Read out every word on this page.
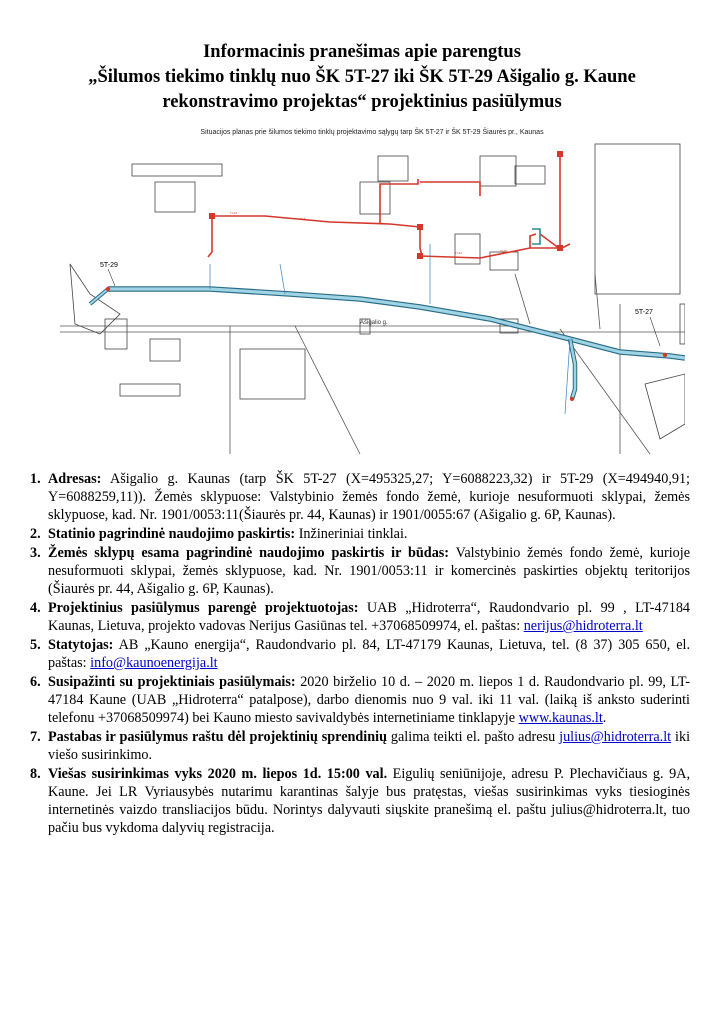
Informacinis pranešimas apie parengtus
„Šilumos tiekimo tinklų nuo ŠK 5T-27 iki ŠK 5T-29 Ašigalio g. Kaune
rekonstravimo projektas“ projektinius pasiūlymus
Situacijos planas prie šilumos tiekimo tinklų projektavimo sąlygų tarp ŠK 5T-27 ir ŠK 5T-29 Šiaurės pr., Kaunas
Ašigalio g.
TI-22
TI-5
TI-24	TI-25
5T-29
5T-27
1. Adresas: Ašigalio g. Kaunas (tarp ŠK 5T-27 (X=495325,27; Y=6088223,32) ir 5T-29 (X=494940,91; Y=6088259,11)). Žemės sklypuose: Valstybinio žemės fondo žemė, kurioje nesuformuoti sklypai, žemės sklypuose, kad. Nr. 1901/0053:11(Šiaurės pr. 44, Kaunas) ir 1901/0055:67 (Ašigalio g. 6P, Kaunas).
2. Statinio pagrindinė naudojimo paskirtis: Inžineriniai tinklai.
3. Žemės sklypų esama pagrindinė naudojimo paskirtis ir būdas: Valstybinio žemės fondo žemė, kurioje nesuformuoti sklypai, žemės sklypuose, kad. Nr. 1901/0053:11 ir komercinės paskirties objektų teritorijos (Šiaurės pr. 44, Ašigalio g. 6P, Kaunas).
4. Projektinius pasiūlymus parengė projektuotojas: UAB „Hidroterra“, Raudondvario pl. 99 , LT-47184 Kaunas, Lietuva, projekto vadovas Nerijus Gasiūnas tel. +37068509974, el. paštas: nerijus@hidroterra.lt
5. Statytojas: AB „Kauno energija“, Raudondvario pl. 84, LT-47179 Kaunas, Lietuva, tel. (8 37) 305 650, el. paštas: info@kaunoenergija.lt
6. Susipažinti su projektiniais pasiūlymais: 2020 birželio 10 d. – 2020 m. liepos 1 d. Raudondvario pl. 99, LT-47184 Kaune (UAB „Hidroterra“ patalpose), darbo dienomis nuo 9 val. iki 11 val. (laiką iš anksto suderinti telefonu +37068509974) bei Kauno miesto savivaldybės internetiniame tinklapyje www.kaunas.lt.
7. Pastabas ir pasiūlymus raštu dėl projektinių sprendinių galima teikti el. pašto adresu julius@hidroterra.lt iki viešo susirinkimo.
8. Viešas susirinkimas vyks 2020 m. liepos 1d. 15:00 val. Eigulių seniūnijoje, adresu P. Plechavičiaus g. 9A, Kaune. Jei LR Vyriausybės nutarimu karantinas šalyje bus pratęstas, viešas susirinkimas vyks tiesioginės internetinės vaizdo transliacijos būdu. Norintys dalyvauti siųskite pranešimą el. paštu julius@hidroterra.lt, tuo pačiu bus vykdoma dalyvių registracija.
